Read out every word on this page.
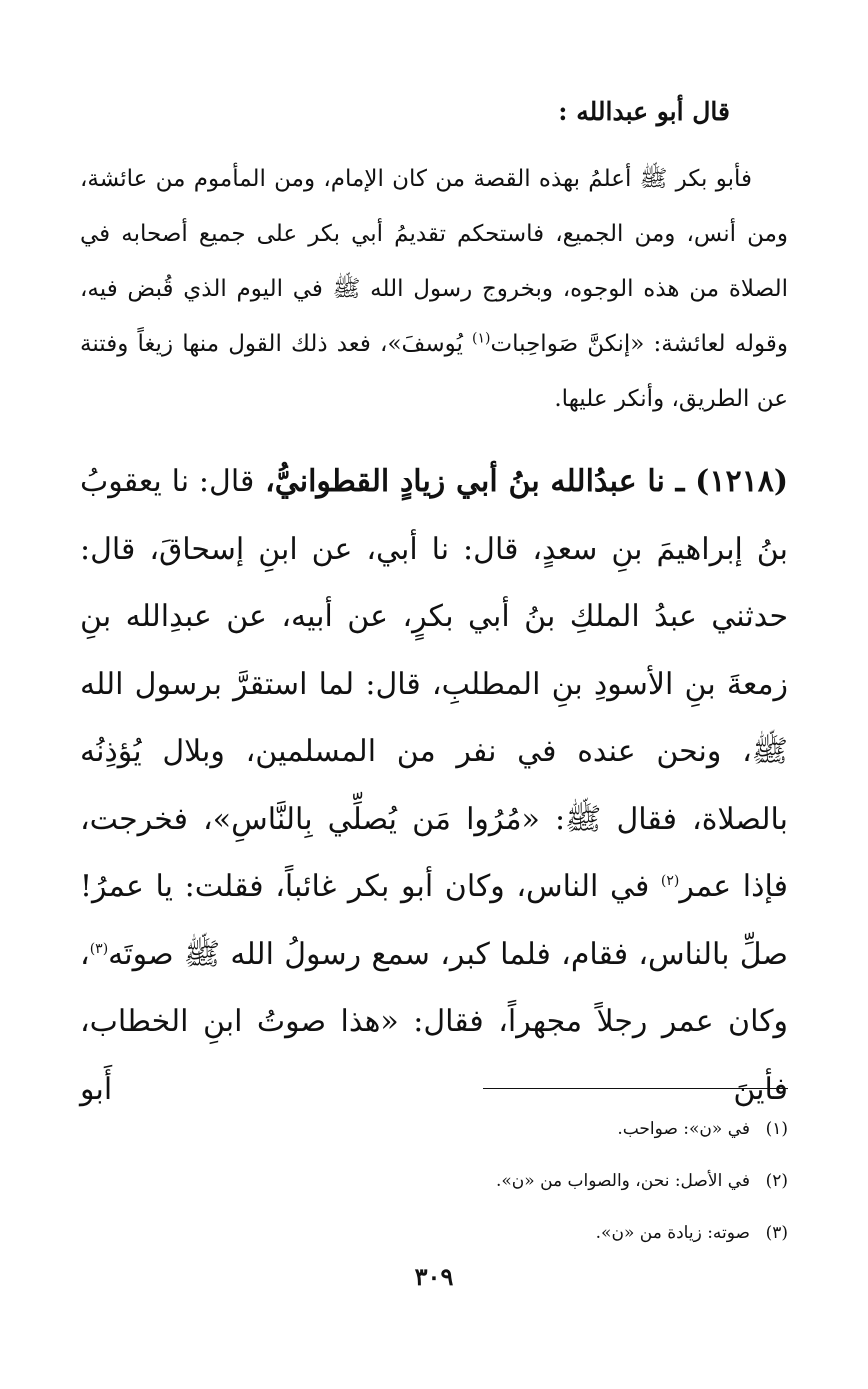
قال أبو عبدالله :

فأبو بكر ﷺ أعلمُ بهذه القصة من كان الإمام، ومن المأموم من عائشة، ومن أنس، ومن الجميع، فاستحكم تقديمُ أبي بكر على جميع أصحابه في الصلاة من هذه الوجوه، وبخروج رسول الله ﷺ في اليوم الذي قُبض فيه، وقوله لعائشة: «إنكنَّ صَواحِبات$^{(١)}$ يُوسفَ»، فعد ذلك القول منها زيغاً وفتنة عن الطريق، وأنكر عليها.

(١٢١٨) ـ نا عبدُالله بنُ أبي زيادٍ القطوانيُّ، قال: نا يعقوبُ بنُ إبراهيمَ بنِ سعدٍ، قال: نا أبي، عن ابنِ إسحاقَ، قال: حدثني عبدُ الملكِ بنُ أبي بكرٍ، عن أبيه، عن عبدِالله بنِ زمعةَ بنِ الأسودِ بنِ المطلبِ، قال: لما استقرَّ برسول الله ﷺ، ونحن عنده في نفر من المسلمين، وبلال يُؤذِنُه بالصلاة، فقال ﷺ: «مُرُوا مَن يُصلِّي بِالنَّاسِ»، فخرجت، فإذا عمر$^{(٢)}$ في الناس، وكان أبو بكر غائباً، فقلت: يا عمرُ! صلِّ بالناس، فقام، فلما كبر، سمع رسولُ الله ﷺ صوتَه$^{(٣)}$، وكان عمر رجلاً مجهراً، فقال: «هذا صوتُ ابنِ الخطاب، فأينَ أَبو

(١)في «ن»: صواحب.
(٢)في الأصل: نحن، والصواب من «ن».
(٣)صوته: زيادة من «ن».
٣٠٩
